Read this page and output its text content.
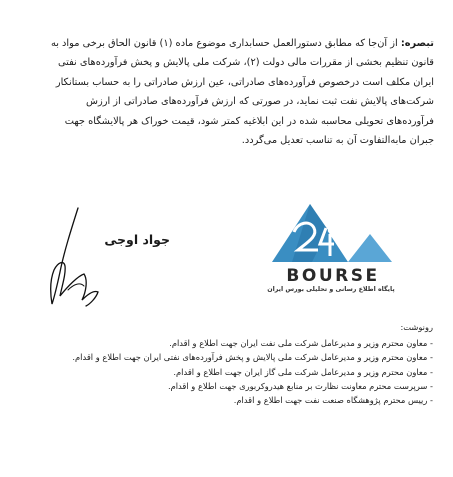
تبصره: از آن‌جا که مطابق دستورالعمل حسابداری موضوع ماده (۱) قانون الحاق برخی مواد به
قانون تنظیم بخشی از مقررات مالی دولت (۲)، شرکت ملی پالایش و پخش فرآورده‌های نفتی
ایران مکلف است درخصوص فرآورده‌های صادراتی، عین ارزش صادراتی را به حساب بستانکار
شرکت‌های پالایش نفت ثبت نماید، در صورتی که ارزش فرآورده‌های صادراتی از ارزش
فرآورده‌های تحویلی محاسبه شده در این ابلاغیه کمتر شود، قیمت خوراک هر پالایشگاه جهت
جبران مابه‌التفاوت آن به تناسب تعدیل می‌گردد.
جواد اوجی
BOURSE
پایگاه اطلاع رسانی و تحلیلی بورس ایران
رونوشت:
- معاون محترم وزیر و مدیرعامل شرکت ملی نفت ایران جهت اطلاع و اقدام.
- معاون محترم وزیر و مدیرعامل شرکت ملی پالایش و پخش فرآورده‌های نفتی ایران جهت اطلاع و اقدام.
- معاون محترم وزیر و مدیرعامل شرکت ملی گاز ایران جهت اطلاع و اقدام.
- سرپرست محترم معاونت نظارت بر منابع هیدروکربوری جهت اطلاع و اقدام.
- رییس محترم پژوهشگاه صنعت نفت جهت اطلاع و اقدام.
